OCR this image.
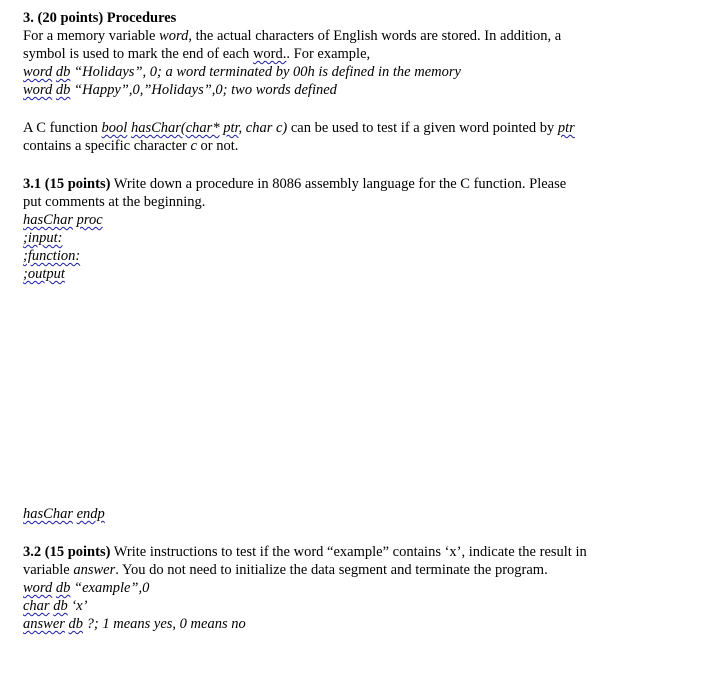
3. (20 points) Procedures
For a memory variable word, the actual characters of English words are stored. In addition, a
symbol is used to mark the end of each word.. For example,
word db “Holidays”, 0; a word terminated by 00h is defined in the memory
word db “Happy”,0,”Holidays”,0; two words defined
A C function bool hasChar(char* ptr, char c) can be used to test if a given word pointed by ptr
contains a specific character c or not.
3.1 (15 points) Write down a procedure in 8086 assembly language for the C function. Please
put comments at the beginning.
hasChar proc
;input:
;function:
;output
hasChar endp
3.2 (15 points) Write instructions to test if the word “example” contains ‘x’, indicate the result in
variable answer. You do not need to initialize the data segment and terminate the program.
word db “example”,0
char db ‘x’
answer db ?; 1 means yes, 0 means no
